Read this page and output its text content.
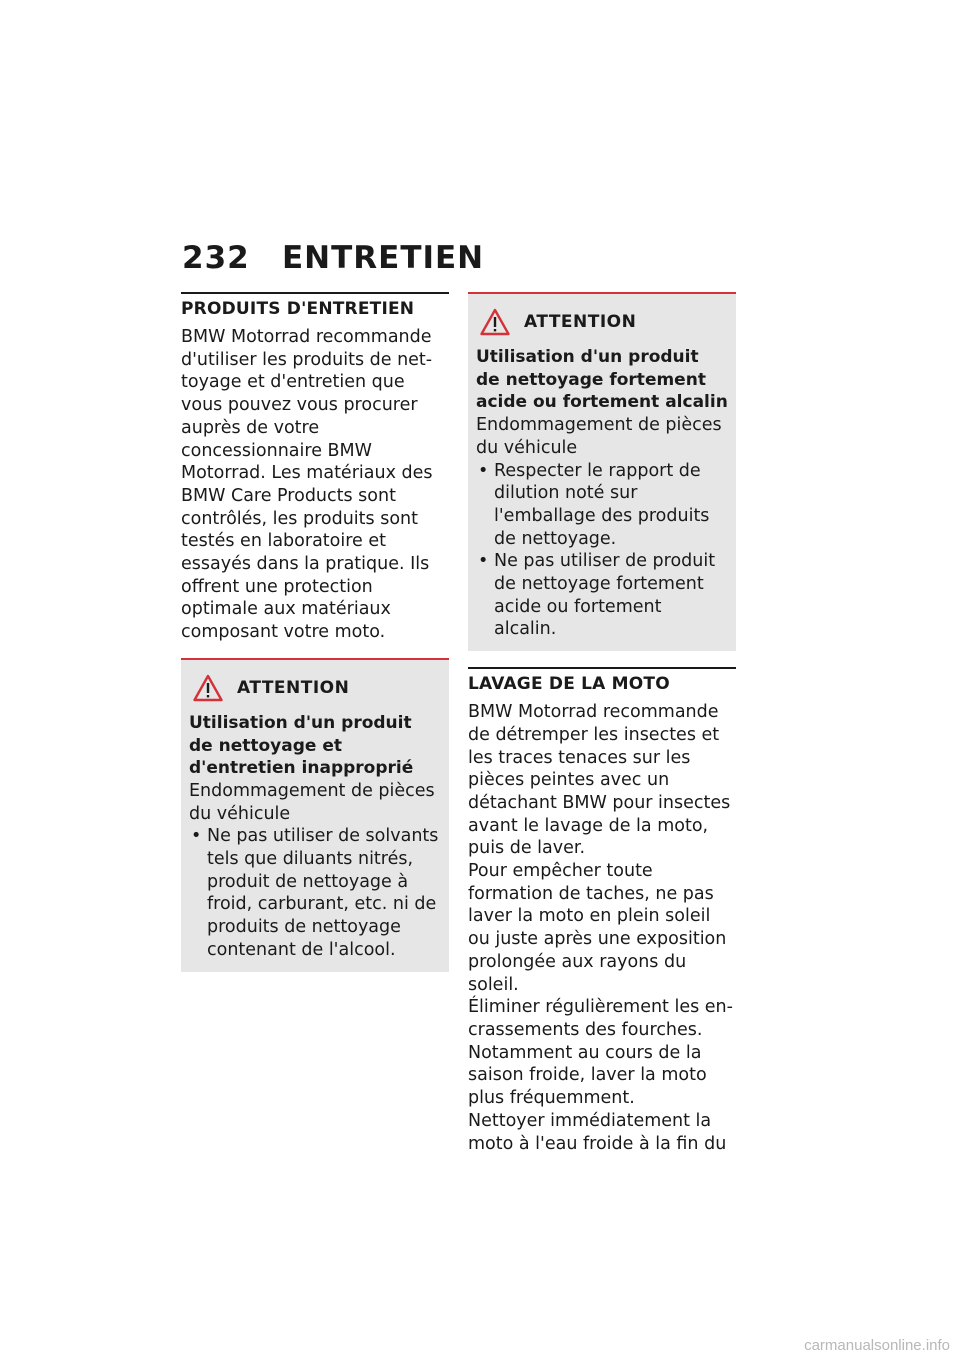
232	ENTRETIEN
PRODUITS D'ENTRETIEN

BMW Motorrad recommande d'utiliser les produits de nettoyage et d'entretien que vous pouvez vous procurer auprès de votre concessionnaire BMW Motorrad. Les matériaux des BMW Care Products sont contrôlés, les produits sont testés en laboratoire et essayés dans la pratique. Ils offrent une protection optimale aux matériaux composant votre moto.

ATTENTION

Utilisation d'un produit de nettoyage et d'entretien inapproprié

Endommagement de pièces du véhicule

• Ne pas utiliser de solvants tels que diluants nitrés, produit de nettoyage à froid, carburant, etc. ni de produits de nettoyage contenant de l'alcool.
ATTENTION

Utilisation d'un produit de nettoyage fortement acide ou fortement alcalin

Endommagement de pièces du véhicule

• Respecter le rapport de dilution noté sur l'emballage des produits de nettoyage.
• Ne pas utiliser de produit de nettoyage fortement acide ou fortement alcalin.
LAVAGE DE LA MOTO

BMW Motorrad recommande de détremper les insectes et les traces tenaces sur les pièces peintes avec un détachant BMW pour insectes avant le lavage de la moto, puis de laver.

Pour empêcher toute formation de taches, ne pas laver la moto en plein soleil ou juste après une exposition prolongée aux rayons du soleil.

Éliminer régulièrement les encrassements des fourches.

Notamment au cours de la saison froide, laver la moto plus fréquemment.

Nettoyer immédiatement la moto à l'eau froide à la fin du

carmanualsonline.info
